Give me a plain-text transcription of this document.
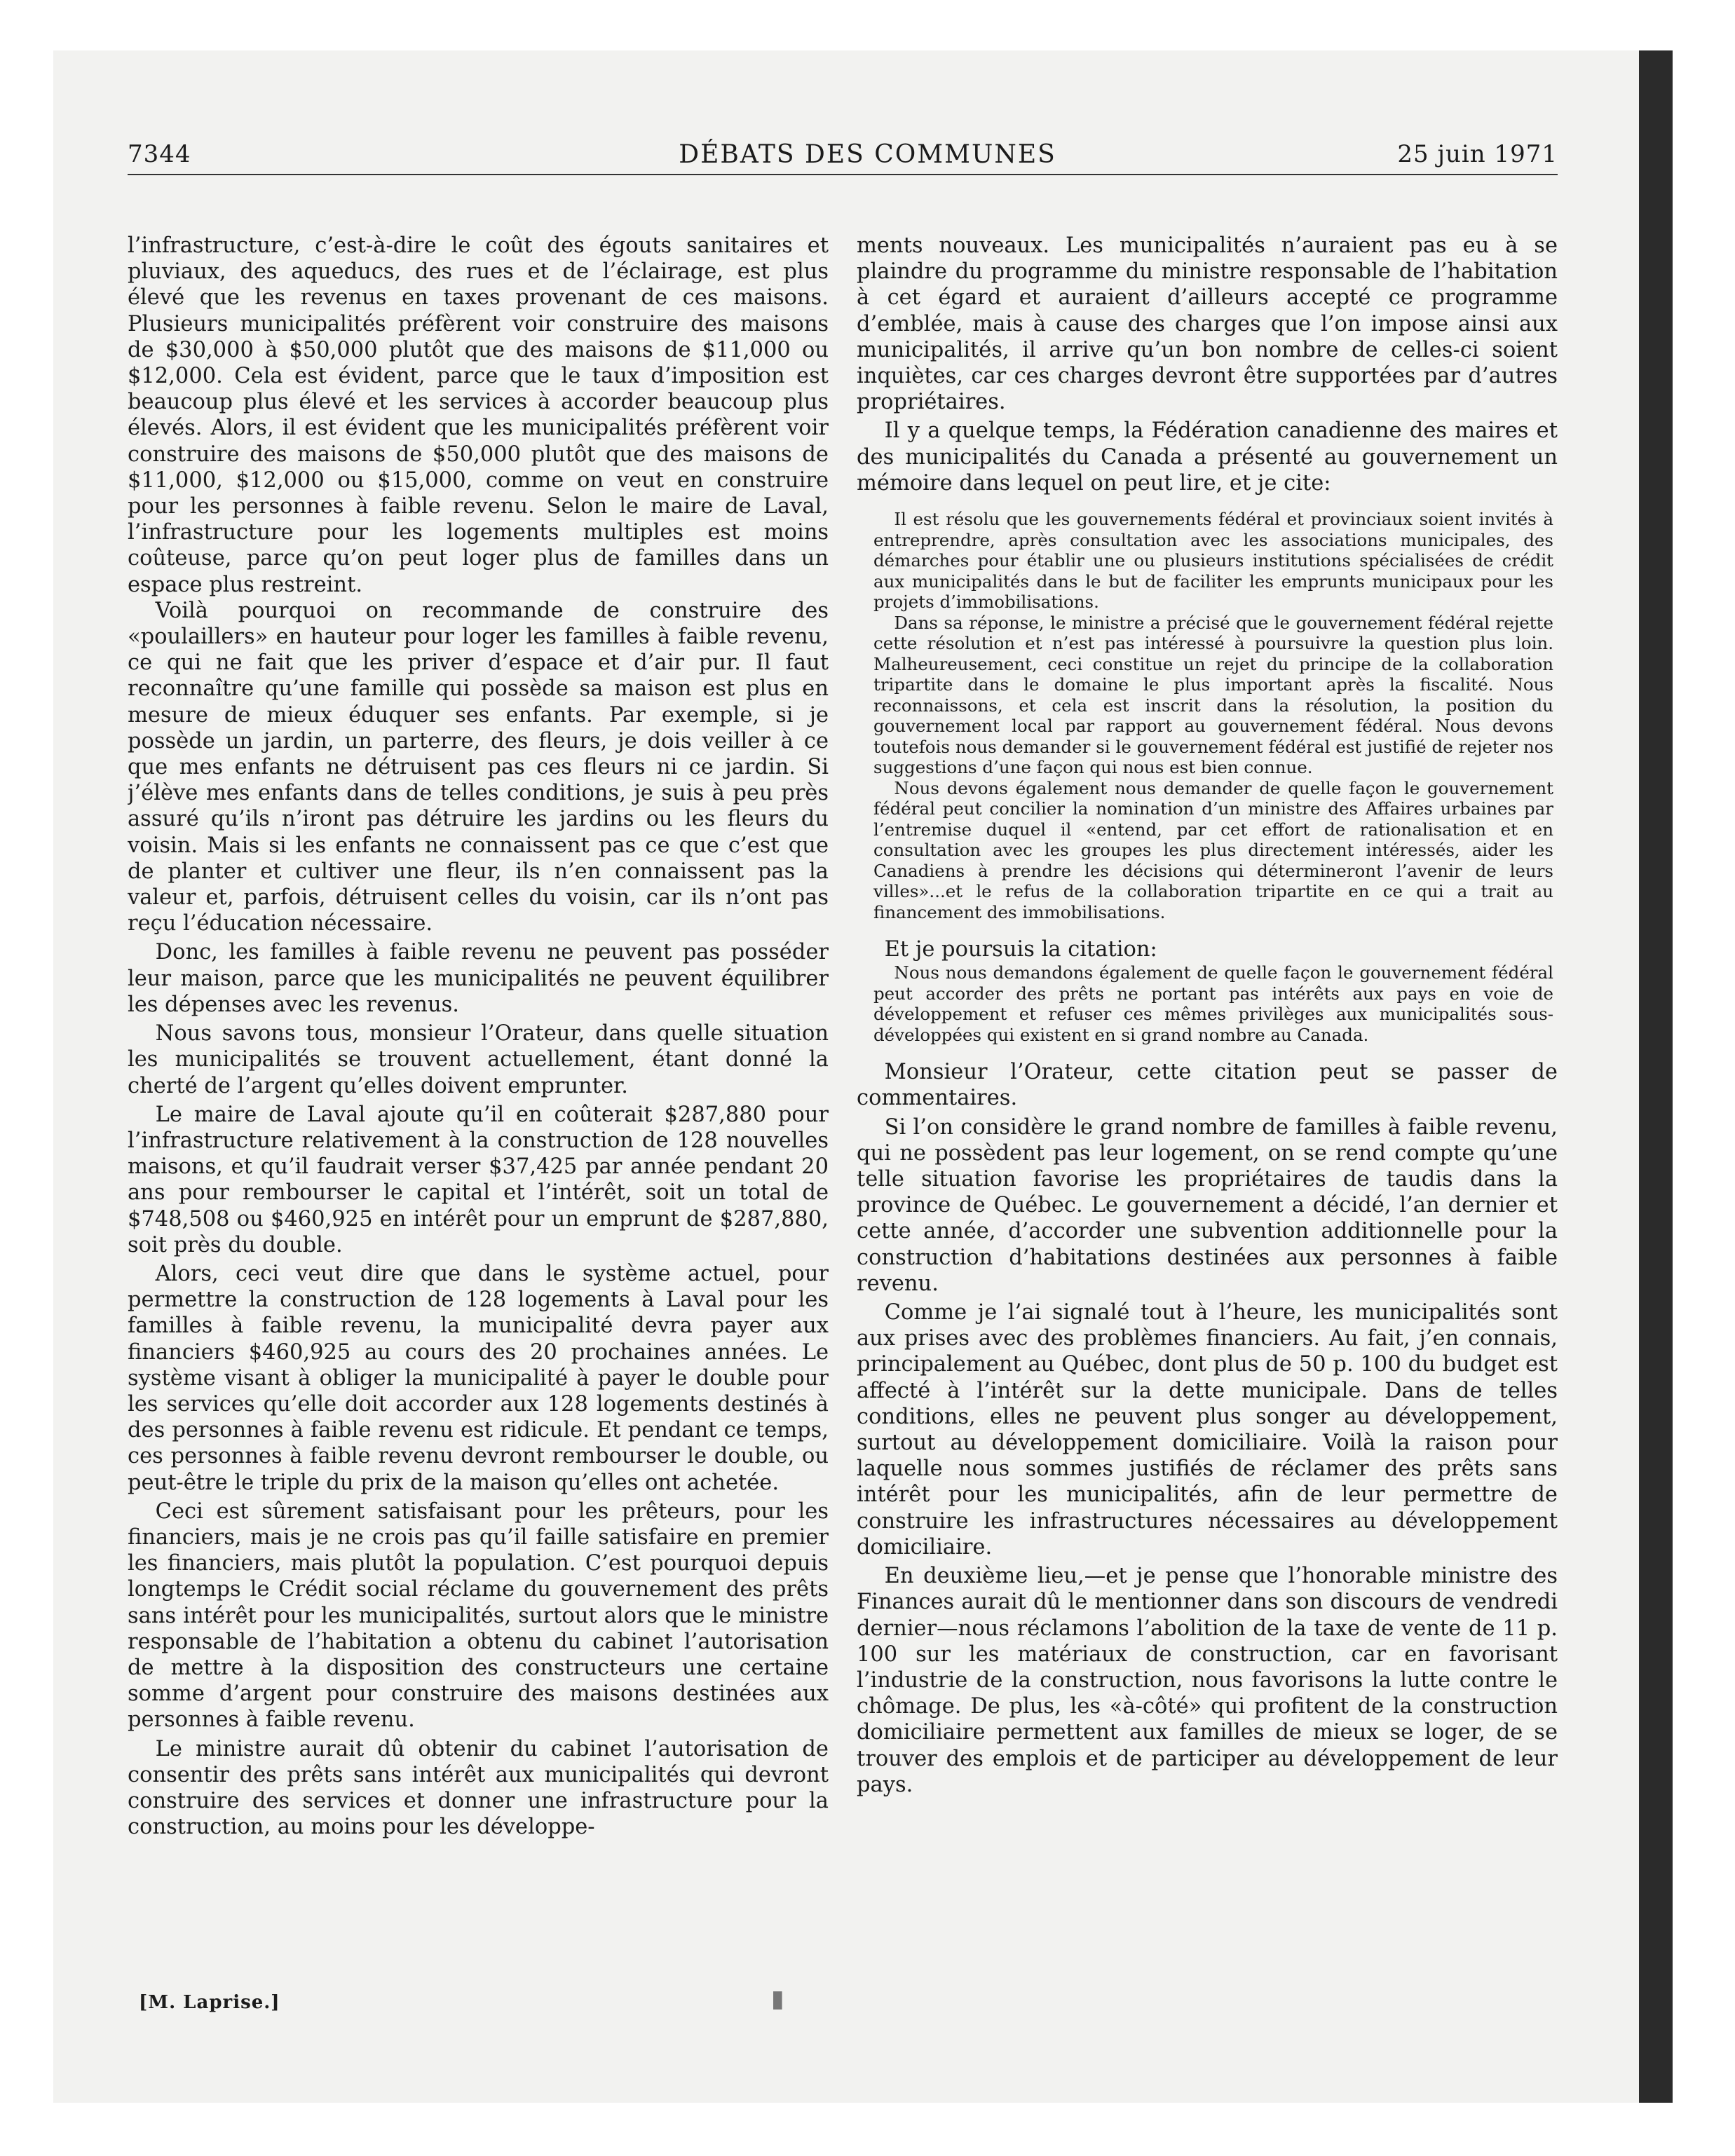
7344	DÉBATS DES COMMUNES	25 juin 1971

l’infrastructure, c’est-à-dire le coût des égouts sanitaires et pluviaux, des aqueducs, des rues et de l’éclairage, est plus élevé que les revenus en taxes provenant de ces maisons. Plusieurs municipalités préfèrent voir construire des maisons de $30,000 à $50,000 plutôt que des maisons de $11,000 ou $12,000. Cela est évident, parce que le taux d’imposition est beaucoup plus élevé et les services à accorder beaucoup plus élevés. Alors, il est évident que les municipalités préfèrent voir construire des maisons de $50,000 plutôt que des maisons de $11,000, $12,000 ou $15,000, comme on veut en construire pour les personnes à faible revenu. Selon le maire de Laval, l’infrastructure pour les logements multiples est moins coûteuse, parce qu’on peut loger plus de familles dans un espace plus restreint.

Voilà pourquoi on recommande de construire des «poulaillers» en hauteur pour loger les familles à faible revenu, ce qui ne fait que les priver d’espace et d’air pur. Il faut reconnaître qu’une famille qui possède sa maison est plus en mesure de mieux éduquer ses enfants. Par exemple, si je possède un jardin, un parterre, des fleurs, je dois veiller à ce que mes enfants ne détruisent pas ces fleurs ni ce jardin. Si j’élève mes enfants dans de telles conditions, je suis à peu près assuré qu’ils n’iront pas détruire les jardins ou les fleurs du voisin. Mais si les enfants ne connaissent pas ce que c’est que de planter et cultiver une fleur, ils n’en connaissent pas la valeur et, parfois, détruisent celles du voisin, car ils n’ont pas reçu l’éducation nécessaire.

Donc, les familles à faible revenu ne peuvent pas posséder leur maison, parce que les municipalités ne peuvent équilibrer les dépenses avec les revenus.

Nous savons tous, monsieur l’Orateur, dans quelle situation les municipalités se trouvent actuellement, étant donné la cherté de l’argent qu’elles doivent emprunter.

Le maire de Laval ajoute qu’il en coûterait $287,880 pour l’infrastructure relativement à la construction de 128 nouvelles maisons, et qu’il faudrait verser $37,425 par année pendant 20 ans pour rembourser le capital et l’intérêt, soit un total de $748,508 ou $460,925 en intérêt pour un emprunt de $287,880, soit près du double.

Alors, ceci veut dire que dans le système actuel, pour permettre la construction de 128 logements à Laval pour les familles à faible revenu, la municipalité devra payer aux financiers $460,925 au cours des 20 prochaines années. Le système visant à obliger la municipalité à payer le double pour les services qu’elle doit accorder aux 128 logements destinés à des personnes à faible revenu est ridicule. Et pendant ce temps, ces personnes à faible revenu devront rembourser le double, ou peut-être le triple du prix de la maison qu’elles ont achetée.

Ceci est sûrement satisfaisant pour les prêteurs, pour les financiers, mais je ne crois pas qu’il faille satisfaire en premier les financiers, mais plutôt la population. C’est pourquoi depuis longtemps le Crédit social réclame du gouvernement des prêts sans intérêt pour les municipalités, surtout alors que le ministre responsable de l’habitation a obtenu du cabinet l’autorisation de mettre à la disposition des constructeurs une certaine somme d’argent pour construire des maisons destinées aux personnes à faible revenu.

Le ministre aurait dû obtenir du cabinet l’autorisation de consentir des prêts sans intérêt aux municipalités qui devront construire des services et donner une infrastructure pour la construction, au moins pour les développe-

ments nouveaux. Les municipalités n’auraient pas eu à se plaindre du programme du ministre responsable de l’habitation à cet égard et auraient d’ailleurs accepté ce programme d’emblée, mais à cause des charges que l’on impose ainsi aux municipalités, il arrive qu’un bon nombre de celles-ci soient inquiètes, car ces charges devront être supportées par d’autres propriétaires.

Il y a quelque temps, la Fédération canadienne des maires et des municipalités du Canada a présenté au gouvernement un mémoire dans lequel on peut lire, et je cite:

Il est résolu que les gouvernements fédéral et provinciaux soient invités à entreprendre, après consultation avec les associations municipales, des démarches pour établir une ou plusieurs institutions spécialisées de crédit aux municipalités dans le but de faciliter les emprunts municipaux pour les projets d’immobilisations.

Dans sa réponse, le ministre a précisé que le gouvernement fédéral rejette cette résolution et n’est pas intéressé à poursuivre la question plus loin. Malheureusement, ceci constitue un rejet du principe de la collaboration tripartite dans le domaine le plus important après la fiscalité. Nous reconnaissons, et cela est inscrit dans la résolution, la position du gouvernement local par rapport au gouvernement fédéral. Nous devons toutefois nous demander si le gouvernement fédéral est justifié de rejeter nos suggestions d’une façon qui nous est bien connue.

Nous devons également nous demander de quelle façon le gouvernement fédéral peut concilier la nomination d’un ministre des Affaires urbaines par l’entremise duquel il «entend, par cet effort de rationalisation et en consultation avec les groupes les plus directement intéressés, aider les Canadiens à prendre les décisions qui détermineront l’avenir de leurs villes»...et le refus de la collaboration tripartite en ce qui a trait au financement des immobilisations.

Et je poursuis la citation:

Nous nous demandons également de quelle façon le gouvernement fédéral peut accorder des prêts ne portant pas intérêts aux pays en voie de développement et refuser ces mêmes privilèges aux municipalités sous-développées qui existent en si grand nombre au Canada.

Monsieur l’Orateur, cette citation peut se passer de commentaires.

Si l’on considère le grand nombre de familles à faible revenu, qui ne possèdent pas leur logement, on se rend compte qu’une telle situation favorise les propriétaires de taudis dans la province de Québec. Le gouvernement a décidé, l’an dernier et cette année, d’accorder une subvention additionnelle pour la construction d’habitations destinées aux personnes à faible revenu.

Comme je l’ai signalé tout à l’heure, les municipalités sont aux prises avec des problèmes financiers. Au fait, j’en connais, principalement au Québec, dont plus de 50 p. 100 du budget est affecté à l’intérêt sur la dette municipale. Dans de telles conditions, elles ne peuvent plus songer au développement, surtout au développement domiciliaire. Voilà la raison pour laquelle nous sommes justifiés de réclamer des prêts sans intérêt pour les municipalités, afin de leur permettre de construire les infrastructures nécessaires au développement domiciliaire.

En deuxième lieu,—et je pense que l’honorable ministre des Finances aurait dû le mentionner dans son discours de vendredi dernier—nous réclamons l’abolition de la taxe de vente de 11 p. 100 sur les matériaux de construction, car en favorisant l’industrie de la construction, nous favorisons la lutte contre le chômage. De plus, les «à-côté» qui profitent de la construction domiciliaire permettent aux familles de mieux se loger, de se trouver des emplois et de participer au développement de leur pays.

[M. Laprise.]	▮
